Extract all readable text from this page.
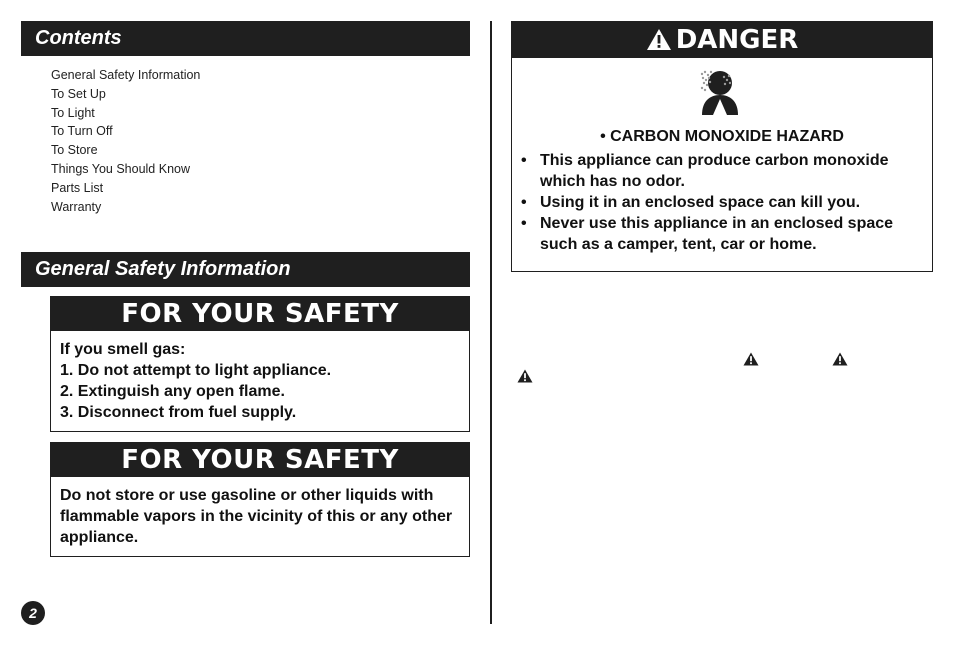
Contents
General Safety Information
To Set Up
To Light
To Turn Off
To Store
Things You Should Know
Parts List
Warranty
General Safety Information
FOR YOUR SAFETY
If you smell gas:
1. Do not attempt to light appliance.
2. Extinguish any open flame.
3. Disconnect from fuel supply.
FOR YOUR SAFETY
Do not store or use gasoline or other liquids with flammable vapors in the vicinity of this or any other appliance.
2
DANGER
• CARBON MONOXIDE HAZARD
• This appliance can produce carbon monoxide which has no odor.
• Using it in an enclosed space can kill you.
• Never use this appliance in an enclosed space such as a camper, tent, car or home.
